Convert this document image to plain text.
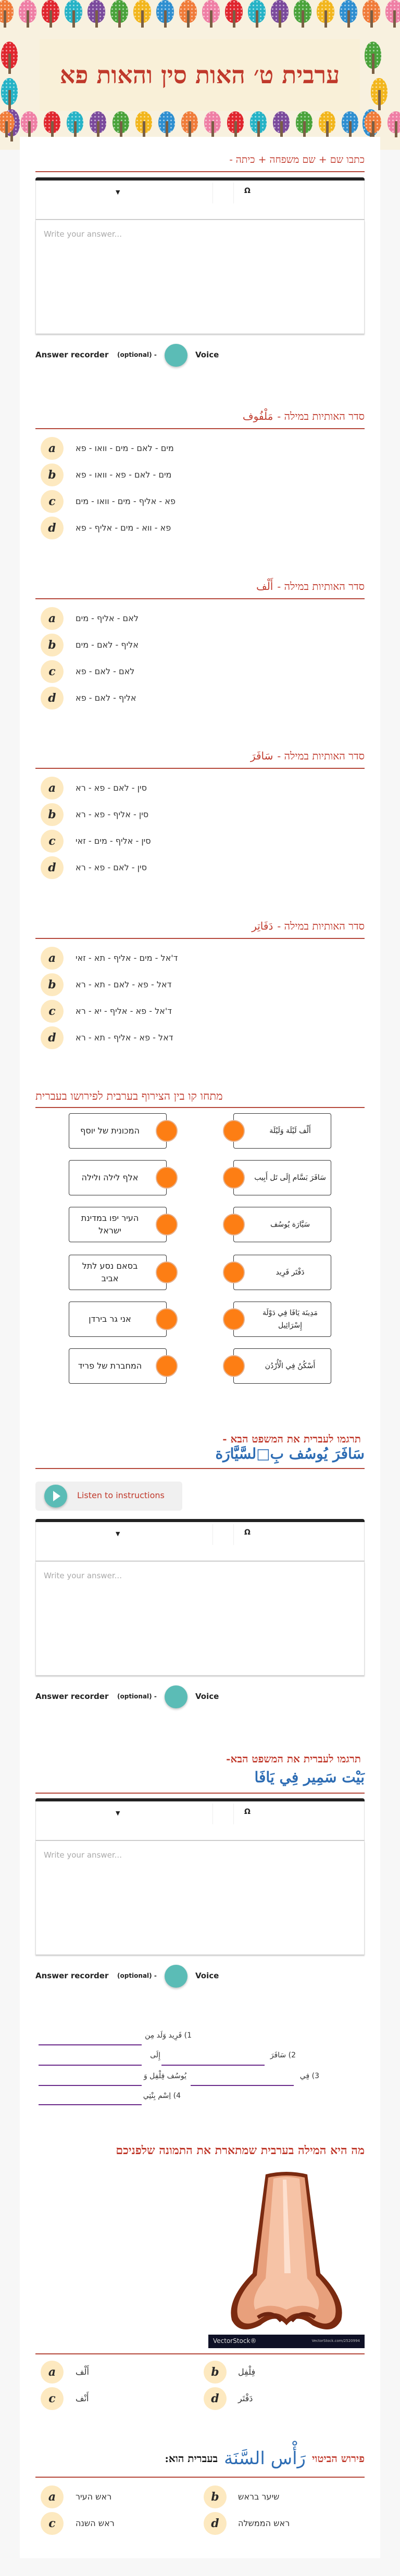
ערבית ט׳ האות סין והאות פא
▼	Ω
Write your answer...
Answer recorder (optional) -	Voice
סדר האותיות במילה -
مَلْفُوف
a	מים - לאם - מים - וואו - פא
b	מים - לאם - פא - וואו - פא
c	פא - אליף - מים - וואו - מים
d	פא - ווא - מים - אליף - פא
סדר האותיות במילה -
أَلْف
a	לאם - אליף - מים
b	אליף - לאם - מים
c	לאם - לאם - פא
d	אליף - לאם - פא
סדר האותיות במילה -
سَافَرَ
a	סין - לאם - פא - רא
b	סין - אליף - פא - רא
c	סין - אליף - מים - זאי
d	סין - לאם - פא - רא
סדר האותיות במילה -
دَفَاتِر
a	ד'אל - מים - אליף - תא - זאי
b	דאל - פא - לאם - תא - רא
c	ד'אל - פא - אליף - יא - רא
d	דאל - פא - אליף - תא - רא
מתחו קו בין הצירוף בערבית לפירושו בעברית
המכונית של יוסף	أَلْف لَيْلَة وَلَيْلَة
אלף לילה ולילה	سَافَرَ بَسَّام إِلَى تَل أَبِيب
העיר יפו במדינת ישראל
سَيَّارَة يُوسُف
בסאם נסע לתל אביב
دَفْتَر فَرِيد
אני גר בירדן
مَدِينَة يَافَا فِي دَوْلَة إِسْرَائِيل
המחברת של פריד	أَسْكُنُ فِي الْأُرْدُن
תרגמו לעברית את המשפט הבא -
سَافَرَ يُوسُف بِ□لسَّيَّارَة
Listen to instructions
▼	Ω
Write your answer...
Answer recorder (optional) -	Voice
תרגמו לעברית את המשפט הבא-
بَيْت سَمِير فِي يَافَا
▼	Ω
Write your answer...
Answer recorder (optional) -	Voice
1) فَرِيد وَلَد مِن
2) سَافَرَ
إِلَى
3) فِي
يُوسُف فِلْفِل وَ
4) اِسْم بِنْتِي
מה היא המילה בערבית שמתארת את התמונה שלפניכם
a	أَلْف	b	فِلْفِل
c	أَنْف	d	دَفْتَر
פירוש הביטוי
رَأْس السَّنَة
בעברית הוא:
a	ראש העיר	b	שיער בראש
c	ראש השנה	d	ראש הממשלה
כתבו שם + שם משפחה + כיתה -
VectorStock®	VectorStock.com/2520994
